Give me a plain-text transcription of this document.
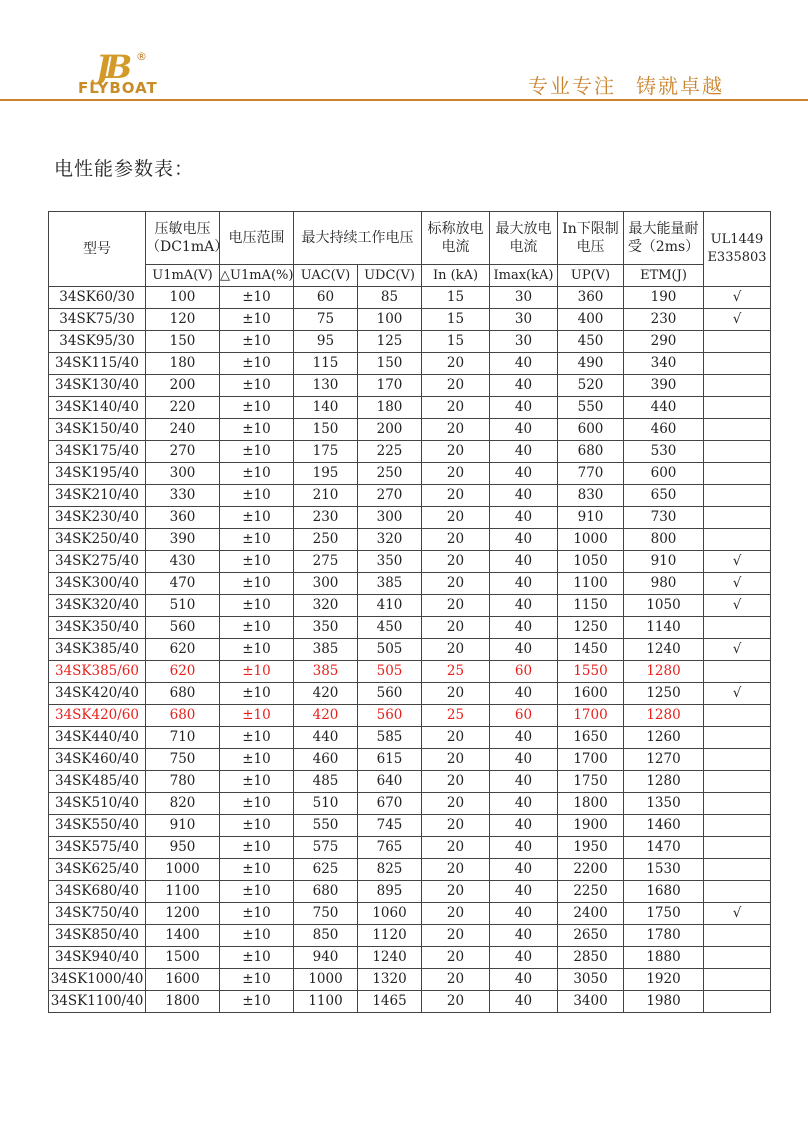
JB ®
FLYBOAT	专业专注 铸就卓越
电性能参数表：
型号	压敏电压（DC1mA）	电压范围	最大持续工作电压		标称放电电流	最大放电电流	In下限制电压	最大能量耐受（2ms）	UL1449 E335803
	U1mA(V)	△U1mA(%)	UAC(V)	UDC(V)	In (kA)	Imax(kA)	UP(V)	ETM(J)	
34SK60/30	100	±10	60	85	15	30	360	190	√
34SK75/30	120	±10	75	100	15	30	400	230	√
34SK95/30	150	±10	95	125	15	30	450	290	
34SK115/40	180	±10	115	150	20	40	490	340	
34SK130/40	200	±10	130	170	20	40	520	390	
34SK140/40	220	±10	140	180	20	40	550	440	
34SK150/40	240	±10	150	200	20	40	600	460	
34SK175/40	270	±10	175	225	20	40	680	530	
34SK195/40	300	±10	195	250	20	40	770	600	
34SK210/40	330	±10	210	270	20	40	830	650	
34SK230/40	360	±10	230	300	20	40	910	730	
34SK250/40	390	±10	250	320	20	40	1000	800	
34SK275/40	430	±10	275	350	20	40	1050	910	√
34SK300/40	470	±10	300	385	20	40	1100	980	√
34SK320/40	510	±10	320	410	20	40	1150	1050	√
34SK350/40	560	±10	350	450	20	40	1250	1140	
34SK385/40	620	±10	385	505	20	40	1450	1240	√
34SK385/60	620	±10	385	505	25	60	1550	1280	
34SK420/40	680	±10	420	560	20	40	1600	1250	√
34SK420/60	680	±10	420	560	25	60	1700	1280	
34SK440/40	710	±10	440	585	20	40	1650	1260	
34SK460/40	750	±10	460	615	20	40	1700	1270	
34SK485/40	780	±10	485	640	20	40	1750	1280	
34SK510/40	820	±10	510	670	20	40	1800	1350	
34SK550/40	910	±10	550	745	20	40	1900	1460	
34SK575/40	950	±10	575	765	20	40	1950	1470	
34SK625/40	1000	±10	625	825	20	40	2200	1530	
34SK680/40	1100	±10	680	895	20	40	2250	1680	
34SK750/40	1200	±10	750	1060	20	40	2400	1750	√
34SK850/40	1400	±10	850	1120	20	40	2650	1780	
34SK940/40	1500	±10	940	1240	20	40	2850	1880	
34SK1000/40	1600	±10	1000	1320	20	40	3050	1920	
34SK1100/40	1800	±10	1100	1465	20	40	3400	1980	
